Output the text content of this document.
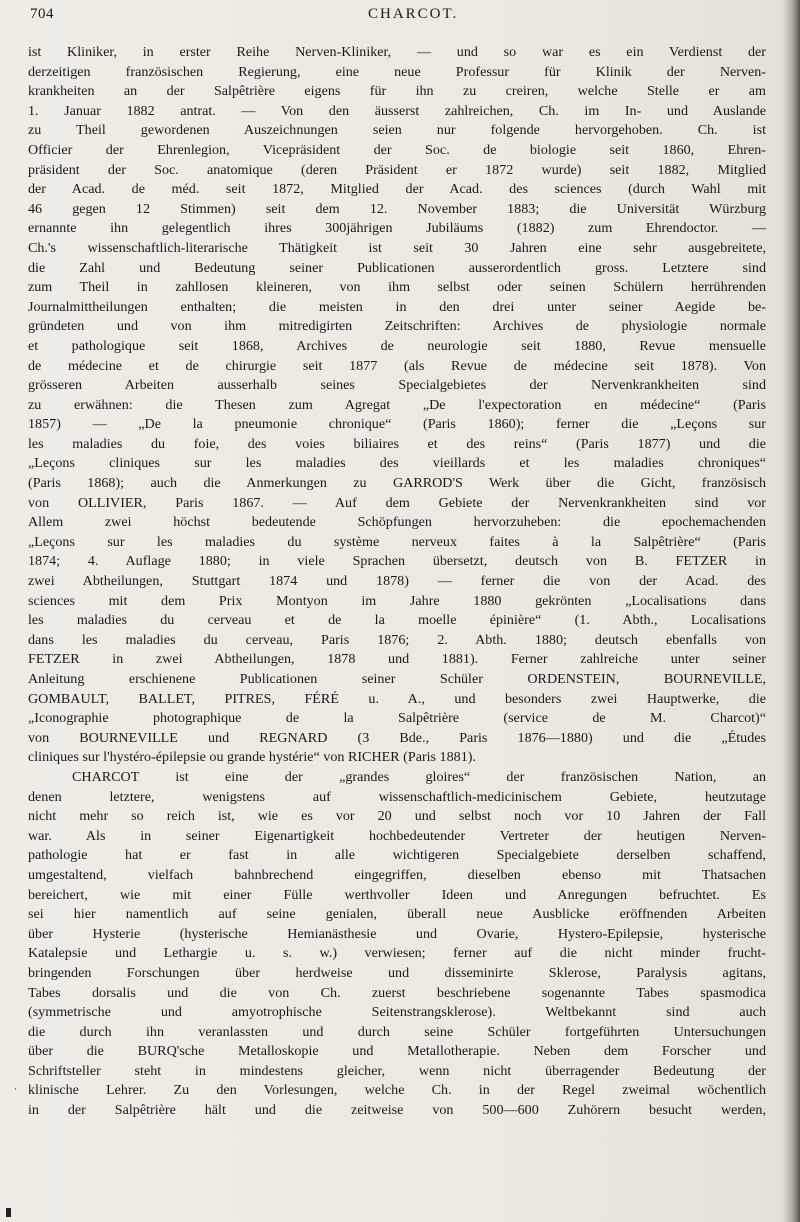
704	CHARCOT.
ist Kliniker, in erster Reihe Nerven-Kliniker, — und so war es ein Verdienst der
derzeitigen französischen Regierung, eine neue Professur für Klinik der Nerven-
krankheiten an der Salpêtrière eigens für ihn zu creiren, welche Stelle er am
1. Januar 1882 antrat. — Von den äusserst zahlreichen, Ch. im In- und Auslande
zu Theil gewordenen Auszeichnungen seien nur folgende hervorgehoben. Ch. ist
Officier der Ehrenlegion, Vicepräsident der Soc. de biologie seit 1860, Ehren-
präsident der Soc. anatomique (deren Präsident er 1872 wurde) seit 1882, Mitglied
der Acad. de méd. seit 1872, Mitglied der Acad. des sciences (durch Wahl mit
46 gegen 12 Stimmen) seit dem 12. November 1883; die Universität Würzburg
ernannte ihn gelegentlich ihres 300jährigen Jubiläums (1882) zum Ehrendoctor. —
Ch.'s wissenschaftlich-literarische Thätigkeit ist seit 30 Jahren eine sehr ausgebreitete,
die Zahl und Bedeutung seiner Publicationen ausserordentlich gross. Letztere sind
zum Theil in zahllosen kleineren, von ihm selbst oder seinen Schülern herrührenden
Journalmittheilungen enthalten; die meisten in den drei unter seiner Aegide be-
gründeten und von ihm mitredigirten Zeitschriften: Archives de physiologie normale
et pathologique seit 1868, Archives de neurologie seit 1880, Revue mensuelle
de médecine et de chirurgie seit 1877 (als Revue de médecine seit 1878). Von
grösseren Arbeiten ausserhalb seines Specialgebietes der Nervenkrankheiten sind
zu erwähnen: die Thesen zum Agregat „De l'expectoration en médecine“ (Paris
1857) — „De la pneumonie chronique“ (Paris 1860); ferner die „Leçons sur
les maladies du foie, des voies biliaires et des reins“ (Paris 1877) und die
„Leçons cliniques sur les maladies des vieillards et les maladies chroniques“
(Paris 1868); auch die Anmerkungen zu GARROD'S Werk über die Gicht, französisch
von OLLIVIER, Paris 1867. — Auf dem Gebiete der Nervenkrankheiten sind vor
Allem zwei höchst bedeutende Schöpfungen hervorzuheben: die epochemachenden
„Leçons sur les maladies du système nerveux faites à la Salpêtrière“ (Paris
1874; 4. Auflage 1880; in viele Sprachen übersetzt, deutsch von B. FETZER in
zwei Abtheilungen, Stuttgart 1874 und 1878) — ferner die von der Acad. des
sciences mit dem Prix Montyon im Jahre 1880 gekrönten „Localisations dans
les maladies du cerveau et de la moelle épinière“ (1. Abth., Localisations
dans les maladies du cerveau, Paris 1876; 2. Abth. 1880; deutsch ebenfalls von
FETZER in zwei Abtheilungen, 1878 und 1881). Ferner zahlreiche unter seiner
Anleitung erschienene Publicationen seiner Schüler ORDENSTEIN, BOURNEVILLE,
GOMBAULT, BALLET, PITRES, FÉRÉ u. A., und besonders zwei Hauptwerke, die
„Iconographie photographique de la Salpêtrière (service de M. Charcot)“
von BOURNEVILLE und REGNARD (3 Bde., Paris 1876—1880) und die „Études
cliniques sur l'hystéro-épilepsie ou grande hystérie“ von RICHER (Paris 1881).
CHARCOT ist eine der „grandes gloires“ der französischen Nation, an
denen letztere, wenigstens auf wissenschaftlich-medicinischem Gebiete, heutzutage
nicht mehr so reich ist, wie es vor 20 und selbst noch vor 10 Jahren der Fall
war. Als in seiner Eigenartigkeit hochbedeutender Vertreter der heutigen Nerven-
pathologie hat er fast in alle wichtigeren Specialgebiete derselben schaffend,
umgestaltend, vielfach bahnbrechend eingegriffen, dieselben ebenso mit Thatsachen
bereichert, wie mit einer Fülle werthvoller Ideen und Anregungen befruchtet. Es
sei hier namentlich auf seine genialen, überall neue Ausblicke eröffnenden Arbeiten
über Hysterie (hysterische Hemianästhesie und Ovarie, Hystero-Epilepsie, hysterische
Katalepsie und Lethargie u. s. w.) verwiesen; ferner auf die nicht minder frucht-
bringenden Forschungen über herdweise und disseminirte Sklerose, Paralysis agitans,
Tabes dorsalis und die von Ch. zuerst beschriebene sogenannte Tabes spasmodica
(symmetrische und amyotrophische Seitenstrangsklerose). Weltbekannt sind auch
die durch ihn veranlassten und durch seine Schüler fortgeführten Untersuchungen
über die BURQ'sche Metalloskopie und Metallotherapie. Neben dem Forscher und
Schriftsteller steht in mindestens gleicher, wenn nicht überragender Bedeutung der
klinische Lehrer. Zu den Vorlesungen, welche Ch. in der Regel zweimal wöchentlich
in der Salpêtrière hält und die zeitweise von 500—600 Zuhörern besucht werden,
·
